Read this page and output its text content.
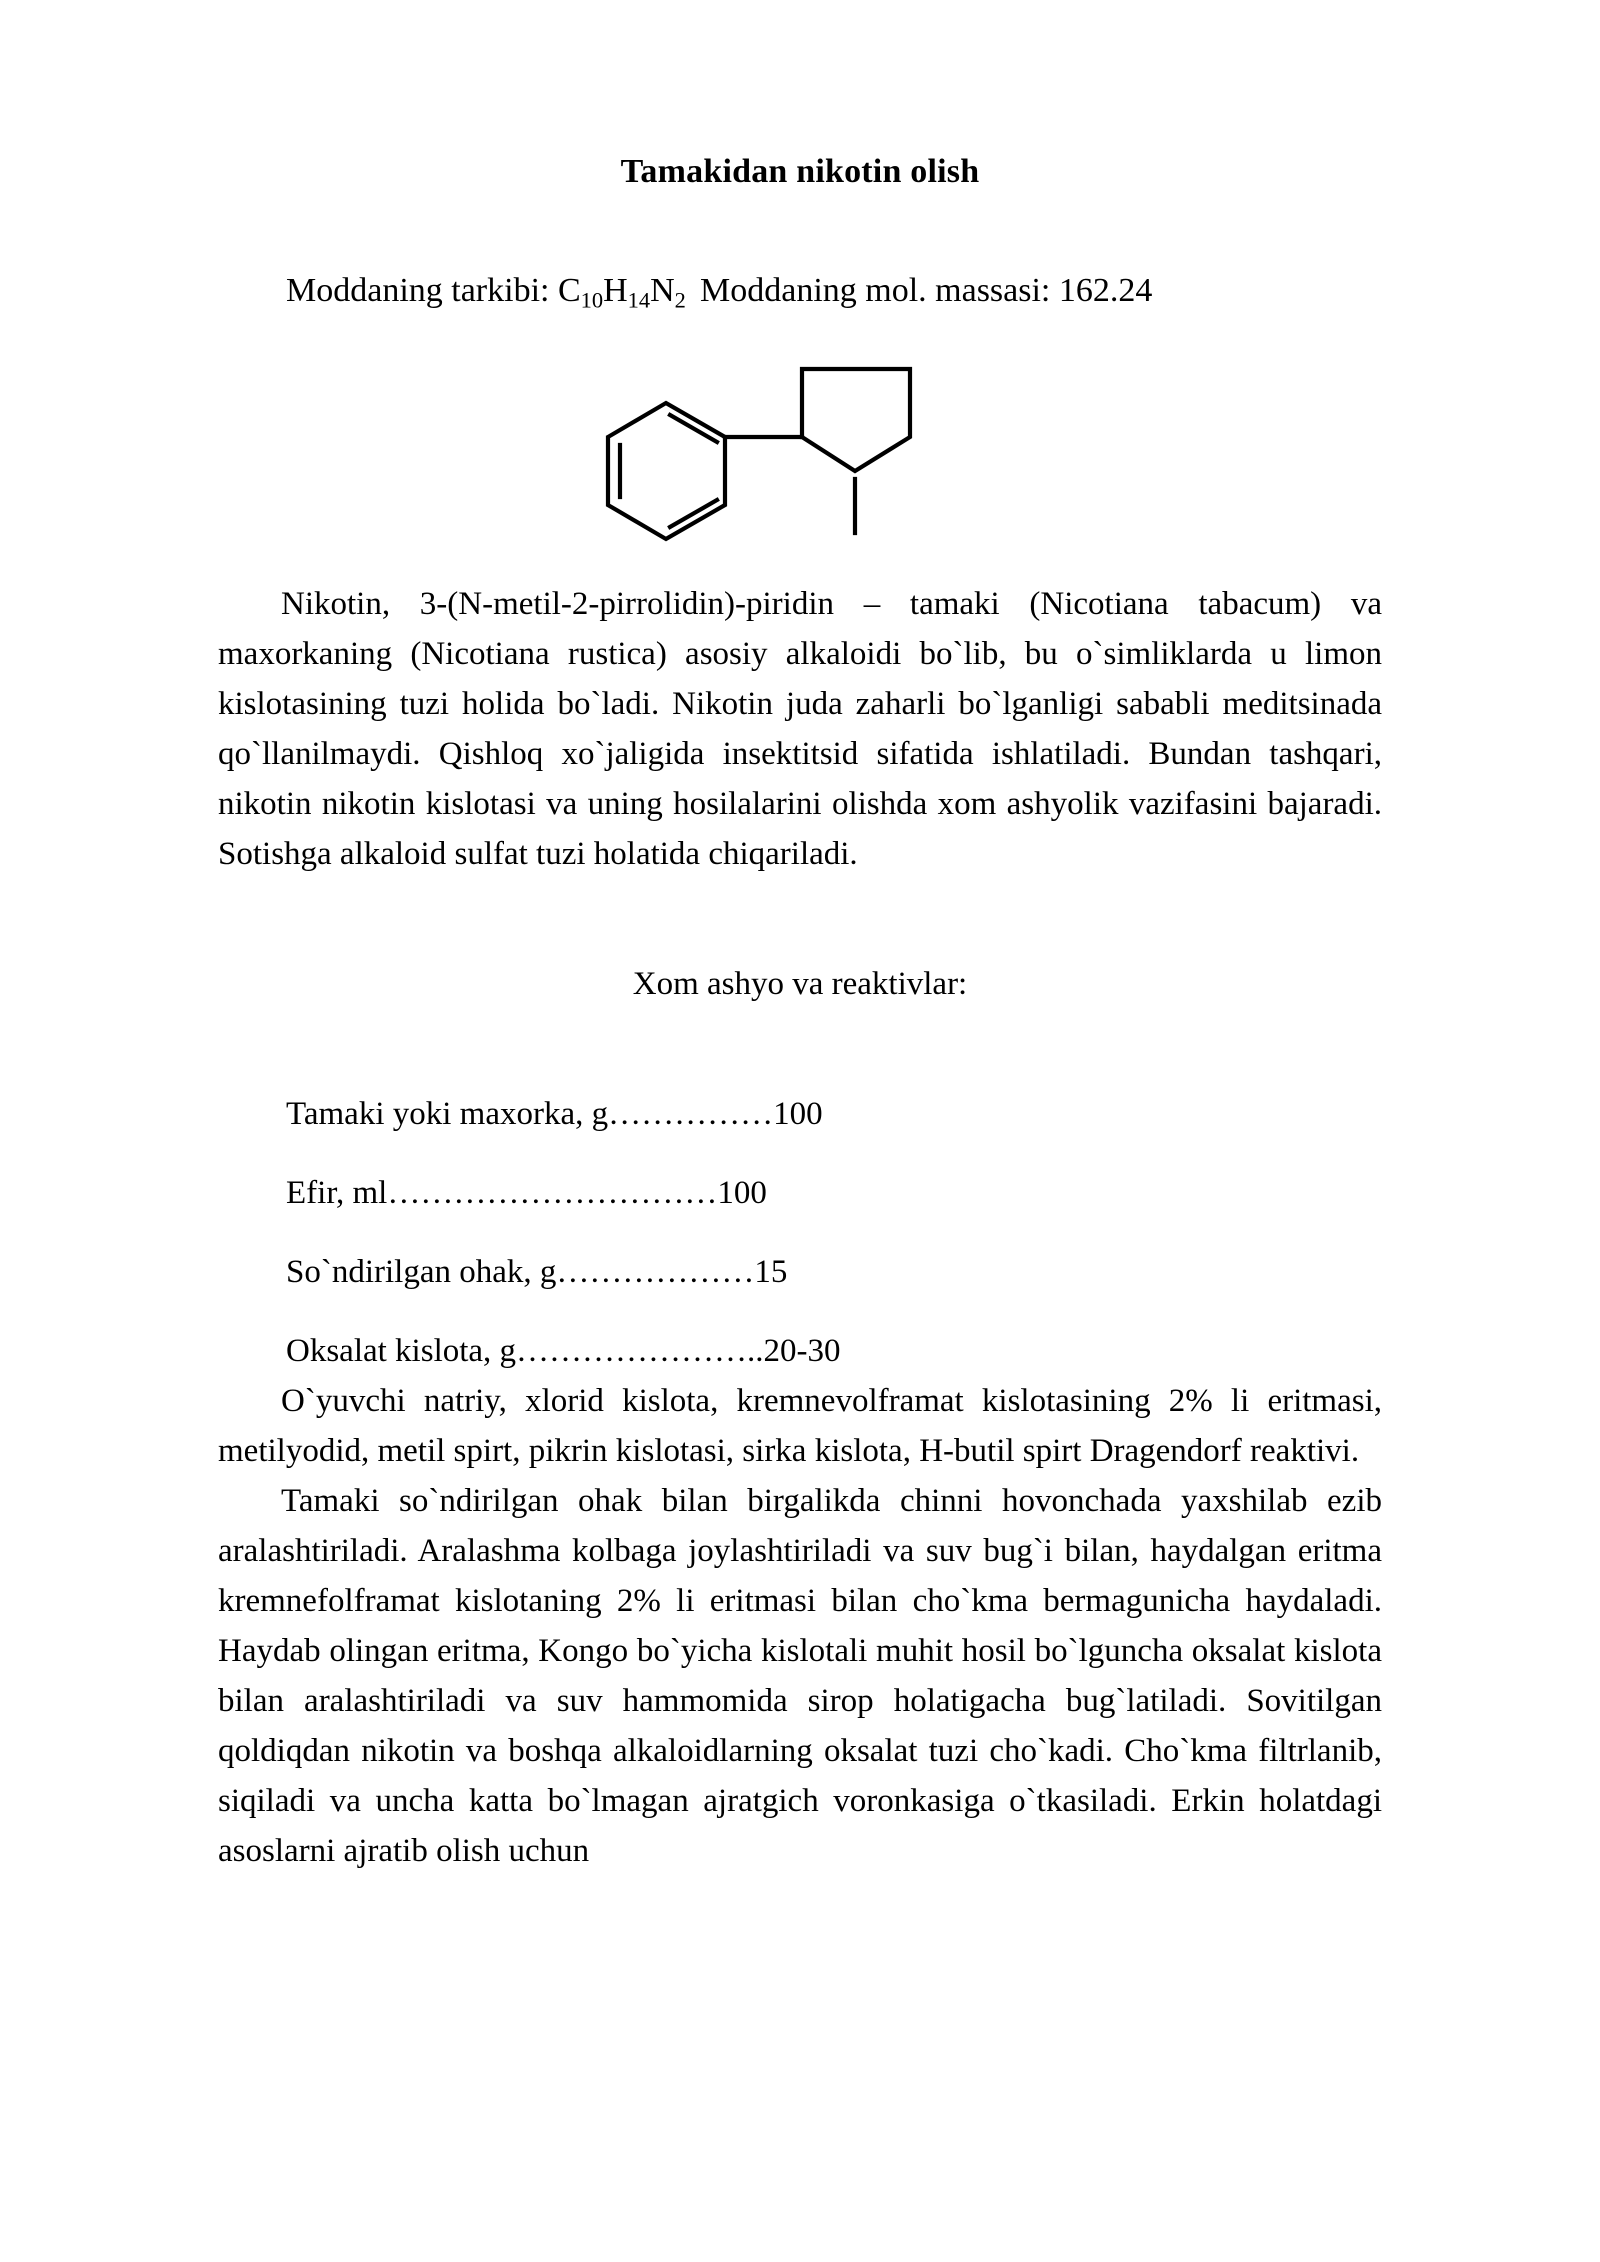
Tamakidan nikotin olish
Moddaning tarkibi: $C_{10}H_{14}N_2$ Moddaning mol. massasi: 162.24

Nikotin, 3-(N-metil-2-pirrolidin)-piridin – tamaki (Nicotiana tabacum) va maxorkaning (Nicotiana rustica) asosiy alkaloidi bo`lib, bu o`simliklarda u limon kislotasining tuzi holida bo`ladi. Nikotin juda zaharli bo`lganligi sababli meditsinada qo`llanilmaydi. Qishloq xo`jaligida insektitsid sifatida ishlatiladi. Bundan tashqari, nikotin nikotin kislotasi va uning hosilalarini olishda xom ashyolik vazifasini bajaradi. Sotishga alkaloid sulfat tuzi holatida chiqariladi.

Xom ashyo va reaktivlar:
Tamaki yoki maxorka, g……………100
Efir, ml…………………………100
So`ndirilgan ohak, g………………15
Oksalat kislota, g…………………..20-30

O`yuvchi natriy, xlorid kislota, kremnevolframat kislotasining 2% li eritmasi, metilyodid, metil spirt, pikrin kislotasi, sirka kislota, H-butil spirt Dragendorf reaktivi.

Tamaki so`ndirilgan ohak bilan birgalikda chinni hovonchada yaxshilab ezib aralashtiriladi. Aralashma kolbaga joylashtiriladi va suv bug`i bilan, haydalgan eritma kremnefolframat kislotaning 2% li eritmasi bilan cho`kma bermagunicha haydaladi. Haydab olingan eritma, Kongo bo`yicha kislotali muhit hosil bo`lguncha oksalat kislota bilan aralashtiriladi va suv hammomida sirop holatigacha bug`latiladi. Sovitilgan qoldiqdan nikotin va boshqa alkaloidlarning oksalat tuzi cho`kadi. Cho`kma filtrlanib, siqiladi va uncha katta bo`lmagan ajratgich voronkasiga o`tkasiladi. Erkin holatdagi asoslarni ajratib olish uchun
